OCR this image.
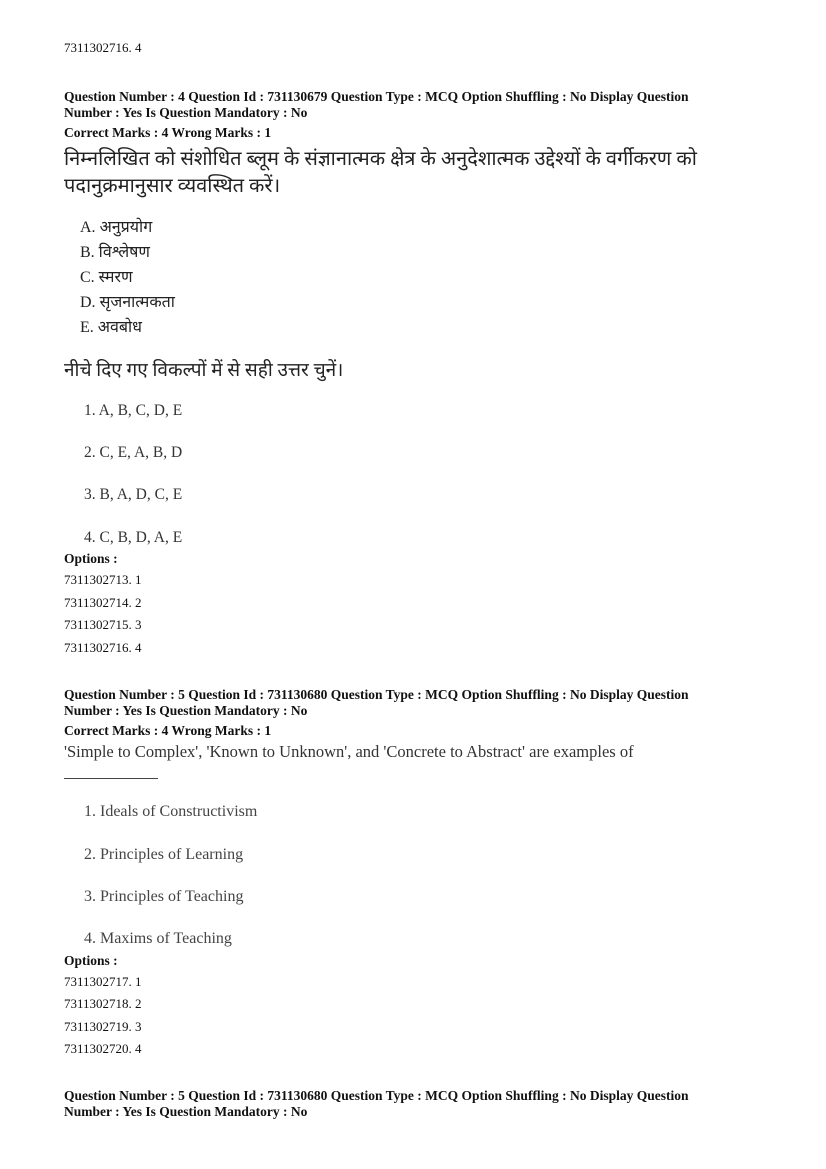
7311302716. 4
Question Number : 4 Question Id : 731130679 Question Type : MCQ Option Shuffling : No Display Question
Number : Yes Is Question Mandatory : No
Correct Marks : 4 Wrong Marks : 1
निम्नलिखित को संशोधित ब्लूम के संज्ञानात्मक क्षेत्र के अनुदेशात्मक उद्देश्यों के वर्गीकरण को
पदानुक्रमानुसार व्यवस्थित करें।
A. अनुप्रयोग
B. विश्लेषण
C. स्मरण
D. सृजनात्मकता
E. अवबोध
नीचे दिए गए विकल्पों में से सही उत्तर चुनें।
1. A, B, C, D, E
2. C, E, A, B, D
3. B, A, D, C, E
4. C, B, D, A, E
Options :
7311302713. 1
7311302714. 2
7311302715. 3
7311302716. 4
Question Number : 5 Question Id : 731130680 Question Type : MCQ Option Shuffling : No Display Question
Number : Yes Is Question Mandatory : No
Correct Marks : 4 Wrong Marks : 1
'Simple to Complex', 'Known to Unknown', and 'Concrete to Abstract' are examples of
1. Ideals of Constructivism
2. Principles of Learning
3. Principles of Teaching
4. Maxims of Teaching
Options :
7311302717. 1
7311302718. 2
7311302719. 3
7311302720. 4
Question Number : 5 Question Id : 731130680 Question Type : MCQ Option Shuffling : No Display Question
Number : Yes Is Question Mandatory : No
